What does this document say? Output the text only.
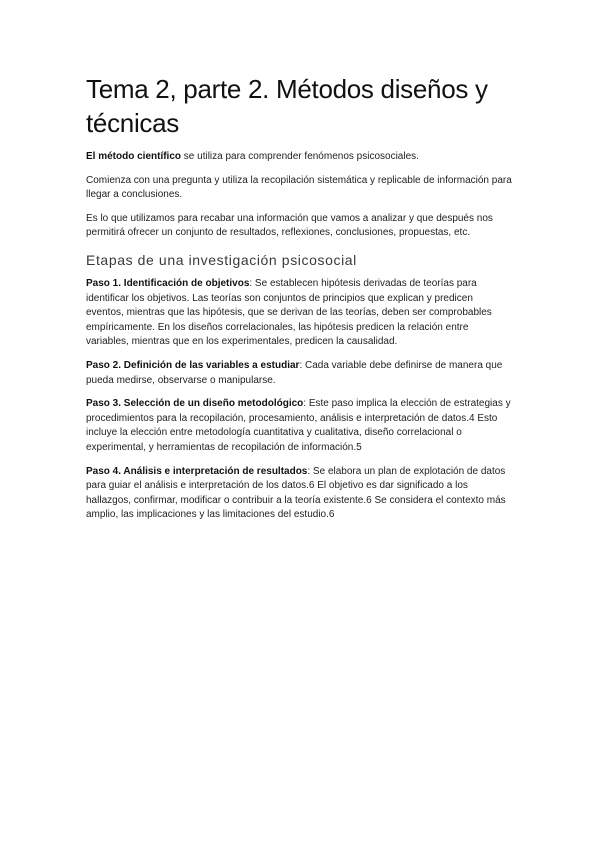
Tema 2, parte 2. Métodos diseños y técnicas

El método científico se utiliza para comprender fenómenos psicosociales.

Comienza con una pregunta y utiliza la recopilación sistemática y replicable de información para llegar a conclusiones.

Es lo que utilizamos para recabar una información que vamos a analizar y que después nos permitirá ofrecer un conjunto de resultados, reflexiones, conclusiones, propuestas, etc.

Etapas de una investigación psicosocial

Paso 1. Identificación de objetivos: Se establecen hipótesis derivadas de teorías para identificar los objetivos. Las teorías son conjuntos de principios que explican y predicen eventos, mientras que las hipótesis, que se derivan de las teorías, deben ser comprobables empíricamente. En los diseños correlacionales, las hipótesis predicen la relación entre variables, mientras que en los experimentales, predicen la causalidad.

Paso 2. Definición de las variables a estudiar: Cada variable debe definirse de manera que pueda medirse, observarse o manipularse.

Paso 3. Selección de un diseño metodológico: Este paso implica la elección de estrategias y procedimientos para la recopilación, procesamiento, análisis e interpretación de datos.4 Esto incluye la elección entre metodología cuantitativa y cualitativa, diseño correlacional o experimental, y herramientas de recopilación de información.5

Paso 4. Análisis e interpretación de resultados: Se elabora un plan de explotación de datos para guiar el análisis e interpretación de los datos.6 El objetivo es dar significado a los hallazgos, confirmar, modificar o contribuir a la teoría existente.6 Se considera el contexto más amplio, las implicaciones y las limitaciones del estudio.6
